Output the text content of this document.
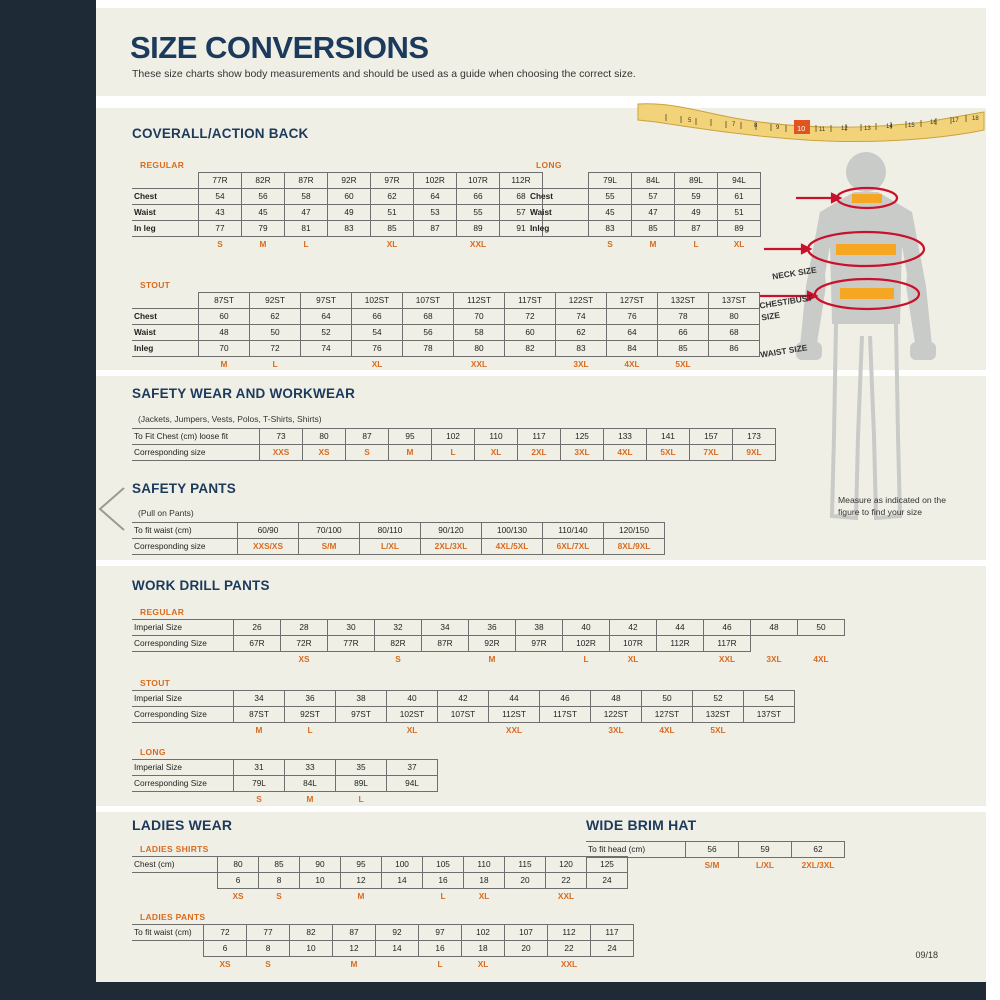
SIZE CONVERSIONS
These size charts show body measurements and should be used as a guide when choosing the correct size.
5
7	8	9	11	12	13	14	15	16	17 18
10
COVERALL/ACTION BACK
REGULAR
	77R	82R	87R	92R	97R	102R	107R	112R
Chest	54	56	58	60	62	64	66	68
Waist	43	45	47	49	51	53	55	57
In leg	77	79	81	83	85	87	89	91
	S	M	L		XL		XXL	
LONG
	79L	84L	89L	94L
Chest	55	57	59	61
Waist	45	47	49	51
Inleg	83	85	87	89
	S	M	L	XL
STOUT
	87ST	92ST	97ST	102ST	107ST	112ST	117ST	122ST	127ST	132ST	137ST
Chest	60	62	64	66	68	70	72	74	76	78	80
Waist	48	50	52	54	56	58	60	62	64	66	68
Inleg	70	72	74	76	78	80	82	83	84	85	86
	M	L		XL		XXL		3XL	4XL	5XL	
SAFETY WEAR AND WORKWEAR
(Jackets, Jumpers, Vests, Polos, T-Shirts, Shirts)
To Fit Chest (cm) loose fit	73	80	87	95	102	110	117	125	133	141	157	173
Corresponding size	XXS	XS	S	M	L	XL	2XL	3XL	4XL	5XL	7XL	9XL
SAFETY PANTS
(Pull on Pants)
To fit waist (cm)	60/90	70/100	80/110	90/120	100/130	110/140	120/150
Corresponding size	XXS/XS	S/M	L/XL	2XL/3XL	4XL/5XL	6XL/7XL	8XL/9XL
NECK SIZE
CHEST/BUST SIZE
WAIST SIZE
Measure as indicated on the figure to find your size
WORK DRILL PANTS
REGULAR
Imperial Size	26	28	30	32	34	36	38	40	42	44	46	48	50
Corresponding Size	67R	72R	77R	82R	87R	92R	97R	102R	107R	112R	117R		
		XS		S		M		L	XL		XXL	3XL	4XL
STOUT
Imperial Size	34	36	38	40	42	44	46	48	50	52	54
Corresponding Size	87ST	92ST	97ST	102ST	107ST	112ST	117ST	122ST	127ST	132ST	137ST
	M	L		XL		XXL		3XL	4XL	5XL	
LONG
Imperial Size	31	33	35	37
Corresponding Size	79L	84L	89L	94L
	S	M	L	
LADIES WEAR
LADIES SHIRTS
Chest (cm)	80	85	90	95	100	105	110	115	120	125
	6	8	10	12	14	16	18	20	22	24
	XS	S		M		L	XL		XXL	
LADIES PANTS
To fit waist (cm)	72	77	82	87	92	97	102	107	112	117
	6	8	10	12	14	16	18	20	22	24
	XS	S		M		L	XL		XXL	
WIDE BRIM HAT
To fit head (cm)	56	59	62
	S/M	L/XL	2XL/3XL
09/18
